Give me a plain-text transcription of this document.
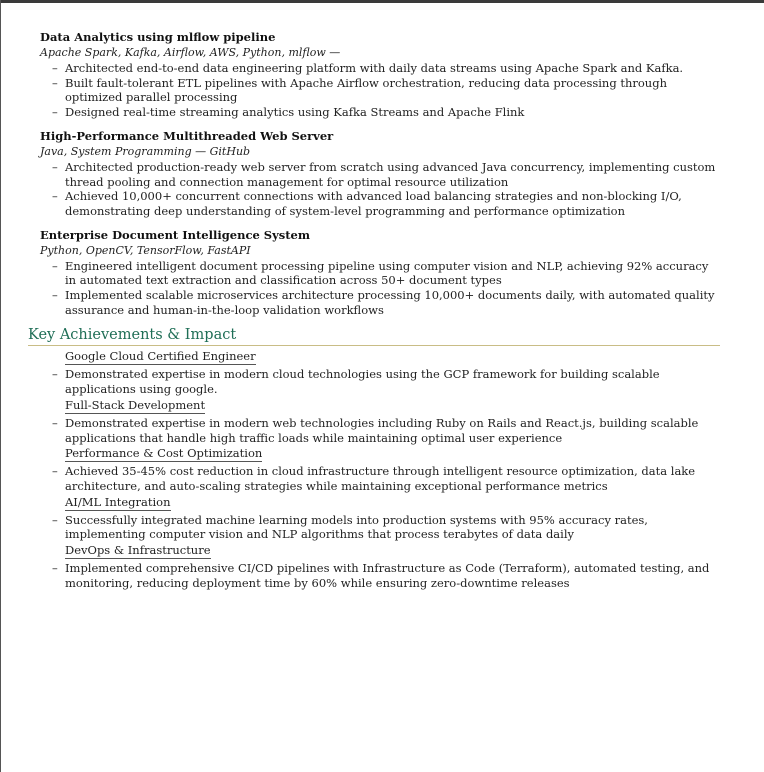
Data Analytics using mlflow pipeline
Apache Spark, Kafka, Airflow, AWS, Python, mlflow —
– Architected end-to-end data engineering platform with daily data streams using Apache Spark and Kafka.
– Built fault-tolerant ETL pipelines with Apache Airflow orchestration, reducing data processing through optimized parallel processing
– Designed real-time streaming analytics using Kafka Streams and Apache Flink
High-Performance Multithreaded Web Server
Java, System Programming — GitHub
– Architected production-ready web server from scratch using advanced Java concurrency, implementing custom thread pooling and connection management for optimal resource utilization
– Achieved 10,000+ concurrent connections with advanced load balancing strategies and non-blocking I/O, demonstrating deep understanding of system-level programming and performance optimization
Enterprise Document Intelligence System
Python, OpenCV, TensorFlow, FastAPI
– Engineered intelligent document processing pipeline using computer vision and NLP, achieving 92% accuracy in automated text extraction and classification across 50+ document types
– Implemented scalable microservices architecture processing 10,000+ documents daily, with automated quality assurance and human-in-the-loop validation workflows
Key Achievements & Impact
Google Cloud Certified Engineer
– Demonstrated expertise in modern cloud technologies using the GCP framework for building scalable applications using google.
Full-Stack Development
– Demonstrated expertise in modern web technologies including Ruby on Rails and React.js, building scalable applications that handle high traffic loads while maintaining optimal user experience
Performance & Cost Optimization
– Achieved 35-45% cost reduction in cloud infrastructure through intelligent resource optimization, data lake architecture, and auto-scaling strategies while maintaining exceptional performance metrics
AI/ML Integration
– Successfully integrated machine learning models into production systems with 95% accuracy rates, implementing computer vision and NLP algorithms that process terabytes of data daily
DevOps & Infrastructure
– Implemented comprehensive CI/CD pipelines with Infrastructure as Code (Terraform), automated testing, and monitoring, reducing deployment time by 60% while ensuring zero-downtime releases
